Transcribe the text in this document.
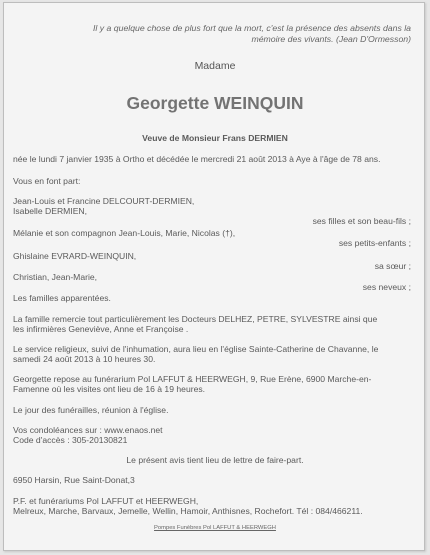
Il y a quelque chose de plus fort que la mort, c'est la présence des absents dans la
mémoire des vivants. (Jean D'Ormesson)
Madame
Georgette WEINQUIN
Veuve de Monsieur Frans DERMIEN
née le lundi 7 janvier 1935 à Ortho et décédée le mercredi 21 août 2013 à Aye à l'âge de 78 ans.
Vous en font part:
Jean-Louis et Francine DELCOURT-DERMIEN,
Isabelle DERMIEN,
ses filles et son beau-fils ;
Mélanie et son compagnon Jean-Louis, Marie, Nicolas (†),
ses petits-enfants ;
Ghislaine EVRARD-WEINQUIN,
sa sœur ;
Christian, Jean-Marie,
ses neveux ;
Les familles apparentées.
La famille remercie tout particulièrement les Docteurs DELHEZ, PETRE, SYLVESTRE ainsi que
les infirmières Geneviève, Anne et Françoise .
Le service religieux, suivi de l'inhumation, aura lieu en l'église Sainte-Catherine de Chavanne, le
samedi 24 août 2013 à 10 heures 30.
Georgette repose au funérarium Pol LAFFUT & HEERWEGH, 9, Rue Erène, 6900 Marche-en-
Famenne où les visites ont lieu de 16 à 19 heures.
Le jour des funérailles, réunion à l'église.
Vos condoléances sur : www.enaos.net
Code d'accès : 305-20130821
Le présent avis tient lieu de lettre de faire-part.
6950 Harsin, Rue Saint-Donat,3
P.F. et funérariums Pol LAFFUT et HEERWEGH,
Melreux, Marche, Barvaux, Jemelle, Wellin, Hamoir, Anthisnes, Rochefort. Tél : 084/466211.
Pompes Funèbres Pol LAFFUT & HEERWEGH
